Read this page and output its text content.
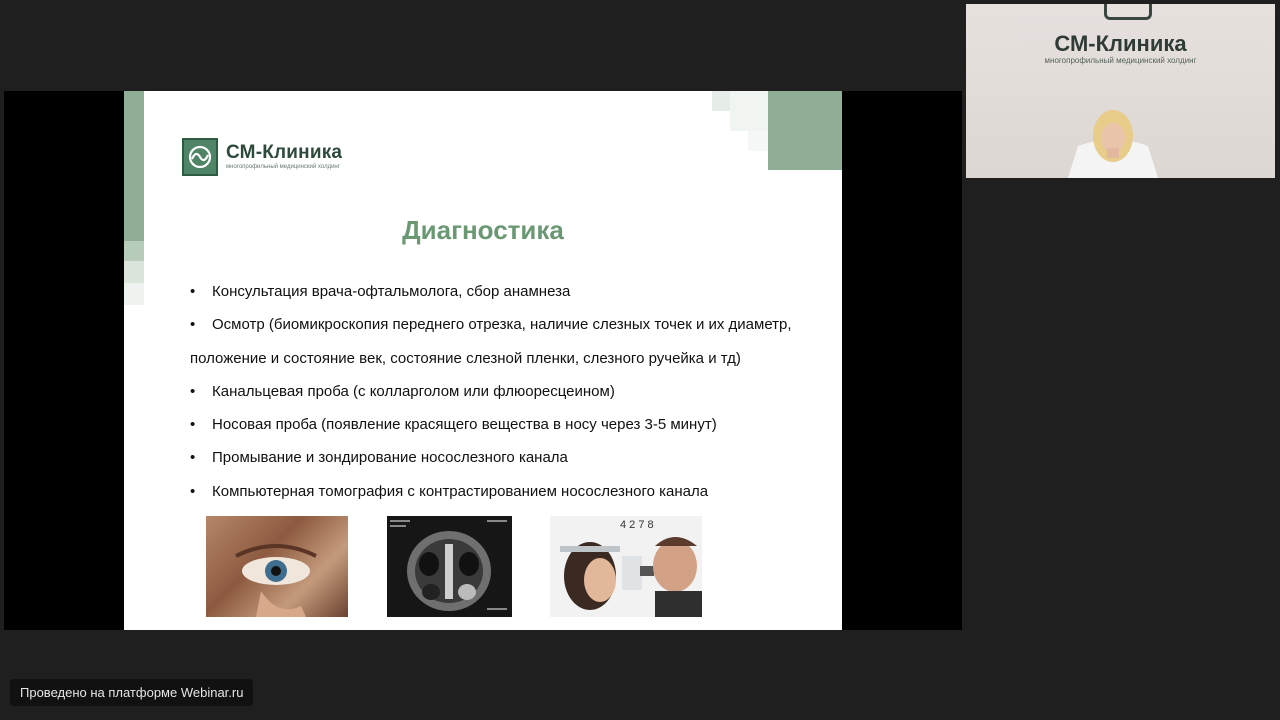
СМ-Клиника
многопрофильный медицинский холдинг
Диагностика
• Консультация врача-офтальмолога, сбор анамнеза
• Осмотр (биомикроскопия переднего отрезка, наличие слезных точек и их диаметр,
положение и состояние век, состояние слезной пленки, слезного ручейка и тд)
• Канальцевая проба (с колларголом или флюоресцеином)
• Носовая проба (появление красящего вещества в носу через 3-5 минут)
• Промывание и зондирование носослезного канала
• Компьютерная томография с контрастированием носослезного канала
4 2 7 8
СМ-Клиника
многопрофильный медицинский холдинг
Проведено на платформе Webinar.ru
